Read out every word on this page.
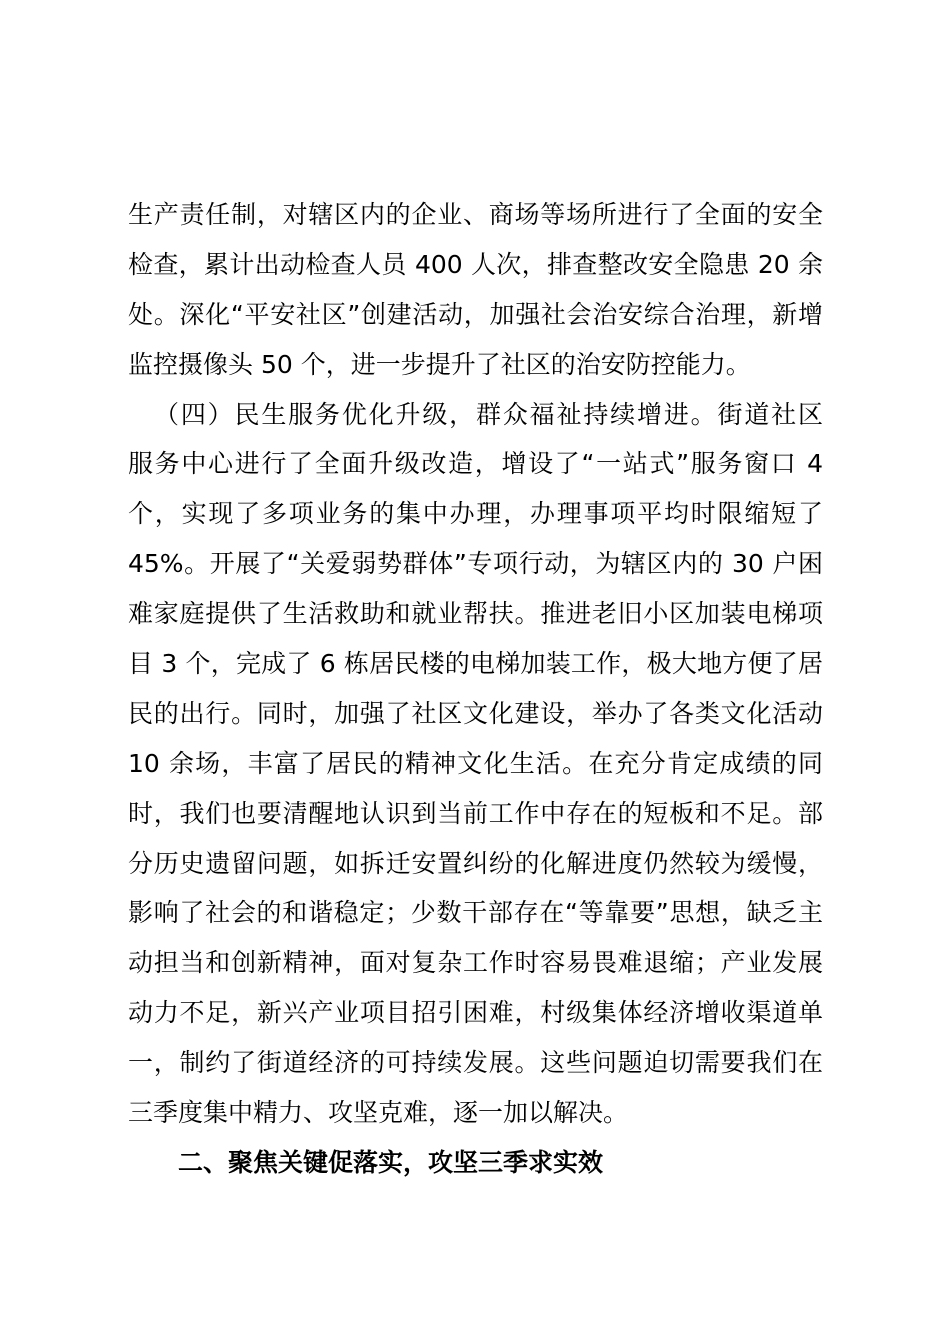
生产责任制，对辖区内的企业、商场等场所进行了全面的安全
检查，累计出动检查人员 400 人次，排查整改安全隐患 20 余
处。深化“平安社区”创建活动，加强社会治安综合治理，新增
监控摄像头 50 个，进一步提升了社区的治安防控能力。
（四）民生服务优化升级，群众福祉持续增进。街道社区
服务中心进行了全面升级改造，增设了“一站式”服务窗口 4
个，实现了多项业务的集中办理，办理事项平均时限缩短了
45%。开展了“关爱弱势群体”专项行动，为辖区内的 30 户困
难家庭提供了生活救助和就业帮扶。推进老旧小区加装电梯项
目 3 个，完成了 6 栋居民楼的电梯加装工作，极大地方便了居
民的出行。同时，加强了社区文化建设，举办了各类文化活动
10 余场，丰富了居民的精神文化生活。在充分肯定成绩的同
时，我们也要清醒地认识到当前工作中存在的短板和不足。部
分历史遗留问题，如拆迁安置纠纷的化解进度仍然较为缓慢，
影响了社会的和谐稳定；少数干部存在“等靠要”思想，缺乏主
动担当和创新精神，面对复杂工作时容易畏难退缩；产业发展
动力不足，新兴产业项目招引困难，村级集体经济增收渠道单
一，制约了街道经济的可持续发展。这些问题迫切需要我们在
三季度集中精力、攻坚克难，逐一加以解决。
二、聚焦关键促落实，攻坚三季求实效
